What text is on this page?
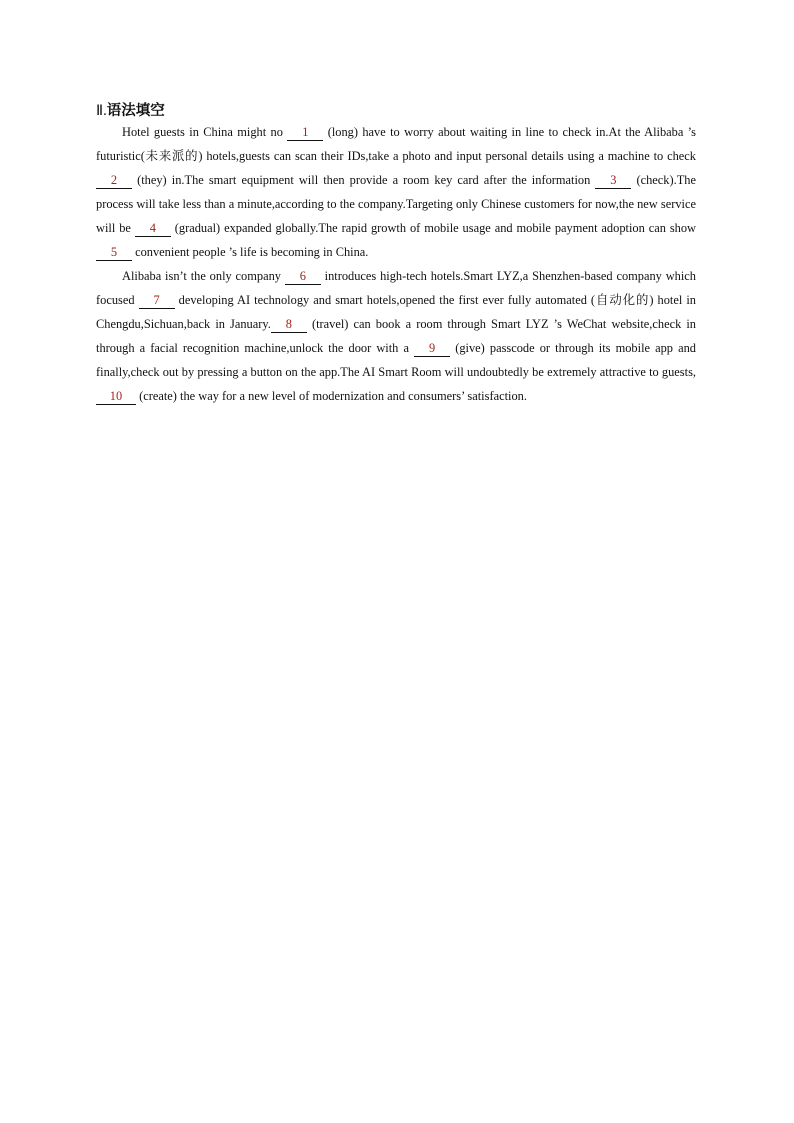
Ⅱ.语法填空

Hotel guests in China might no 1 (long) have to worry about waiting in line to check in.At the Alibaba ’s futuristic(未来派的) hotels,guests can scan their IDs,take a photo and input personal details using a machine to check 2 (they) in.The smart equipment will then provide a room key card after the information 3 (check).The process will take less than a minute,according to the company.Targeting only Chinese customers for now,the new service will be 4 (gradual) expanded globally.The rapid growth of mobile usage and mobile payment adoption can show 5 convenient people ’s life is becoming in China.

Alibaba isn’t the only company 6 introduces high-tech hotels.Smart LYZ,a Shenzhen-based company which focused 7 developing AI technology and smart hotels,opened the first ever fully automated (自动化的) hotel in Chengdu,Sichuan,back in January. 8 (travel) can book a room through Smart LYZ ’s WeChat website,check in through a facial recognition machine,unlock the door with a 9 (give) passcode or through its mobile app and finally,check out by pressing a button on the app.The AI Smart Room will undoubtedly be extremely attractive to guests,10 (create) the way for a new level of modernization and consumers’ satisfaction.
